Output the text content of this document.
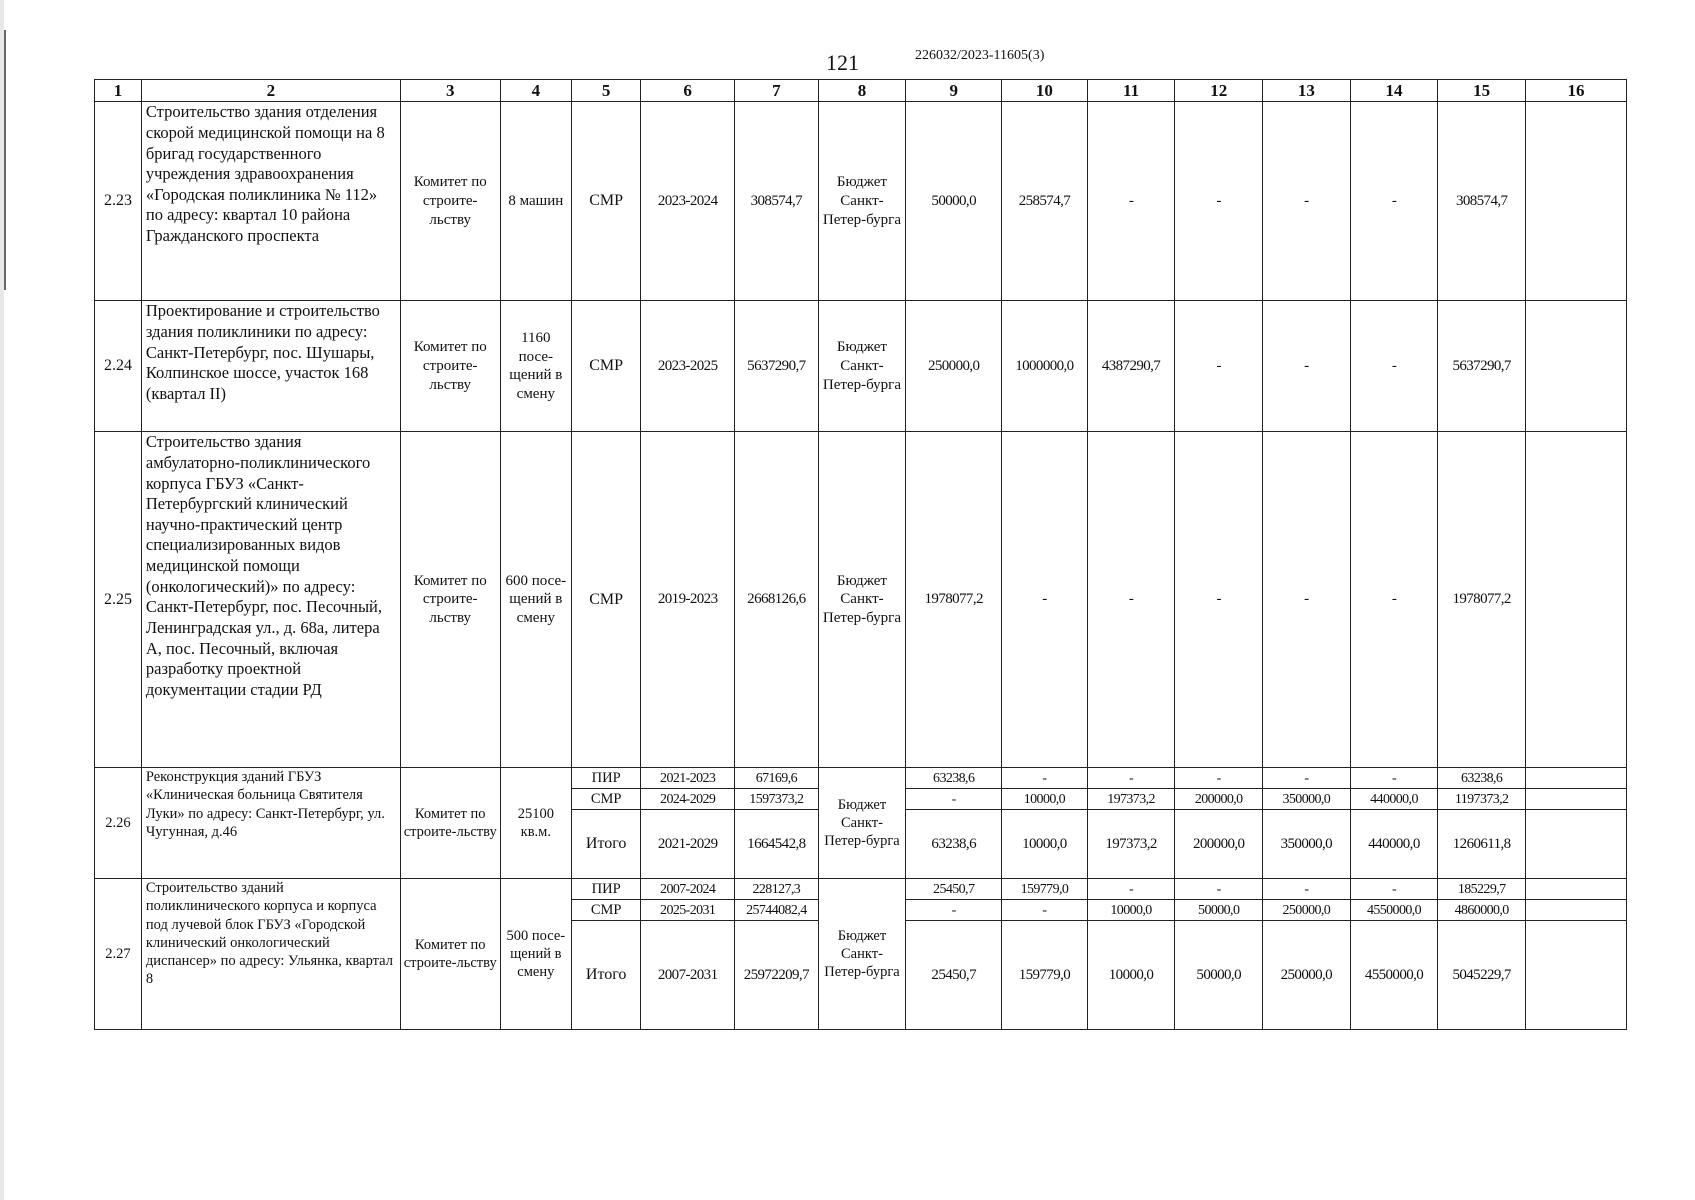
121	226032/2023-11605(3)
1	2	3	4	5	6	7	8	9	10	11	12	13	14	15	16
2.23	Строительство здания отделения скорой медицинской помощи на 8 бригад государственного учреждения здравоохранения «Городская поликлиника № 112» по адресу: квартал 10 района Гражданского проспекта	Комитет по строите-льству	8 машин	СМР	2023-2024	308574,7	Бюджет Санкт-Петер-бурга	50000,0	258574,7	-	-	-	-	308574,7	
2.24	Проектирование и строительство здания поликлиники по адресу: Санкт-Петербург, пос. Шушары, Колпинское шоссе, участок 168 (квартал II)	Комитет по строите-льству	1160 посе-щений в смену	СМР	2023-2025	5637290,7	Бюджет Санкт-Петер-бурга	250000,0	1000000,0	4387290,7	-	-	-	5637290,7	
2.25	Строительство здания амбулаторно-поликлинического корпуса ГБУЗ «Санкт-Петербургский клинический научно-практический центр специализированных видов медицинской помощи (онкологический)» по адресу: Санкт-Петербург, пос. Песочный, Ленинградская ул., д. 68а, литера А, пос. Песочный, включая разработку проектной документации стадии РД	Комитет по строите-льству	600 посе-щений в смену	СМР	2019-2023	2668126,6	Бюджет Санкт-Петер-бурга	1978077,2	-	-	-	-	-	1978077,2	
2.26	Реконструкция зданий ГБУЗ «Клиническая больница Святителя Луки» по адресу: Санкт-Петербург, ул. Чугунная, д.46	Комитет по строите-льству	25100 кв.м.	ПИР	2021-2023	67169,6	Бюджет Санкт-Петер-бурга	63238,6	-	-	-	-	-	63238,6	
				СМР	2024-2029	1597373,2		-	10000,0	197373,2	200000,0	350000,0	440000,0	1197373,2	
				Итого	2021-2029	1664542,8		63238,6	10000,0	197373,2	200000,0	350000,0	440000,0	1260611,8	
2.27	Строительство зданий поликлинического корпуса и корпуса под лучевой блок ГБУЗ «Городской клинический онкологический диспансер» по адресу: Ульянка, квартал 8	Комитет по строите-льству	500 посе-щений в смену	ПИР	2007-2024	228127,3	Бюджет Санкт-Петер-бурга	25450,7	159779,0	-	-	-	-	185229,7	
				СМР	2025-2031	25744082,4		-	-	10000,0	50000,0	250000,0	4550000,0	4860000,0	
				Итого	2007-2031	25972209,7		25450,7	159779,0	10000,0	50000,0	250000,0	4550000,0	5045229,7	
